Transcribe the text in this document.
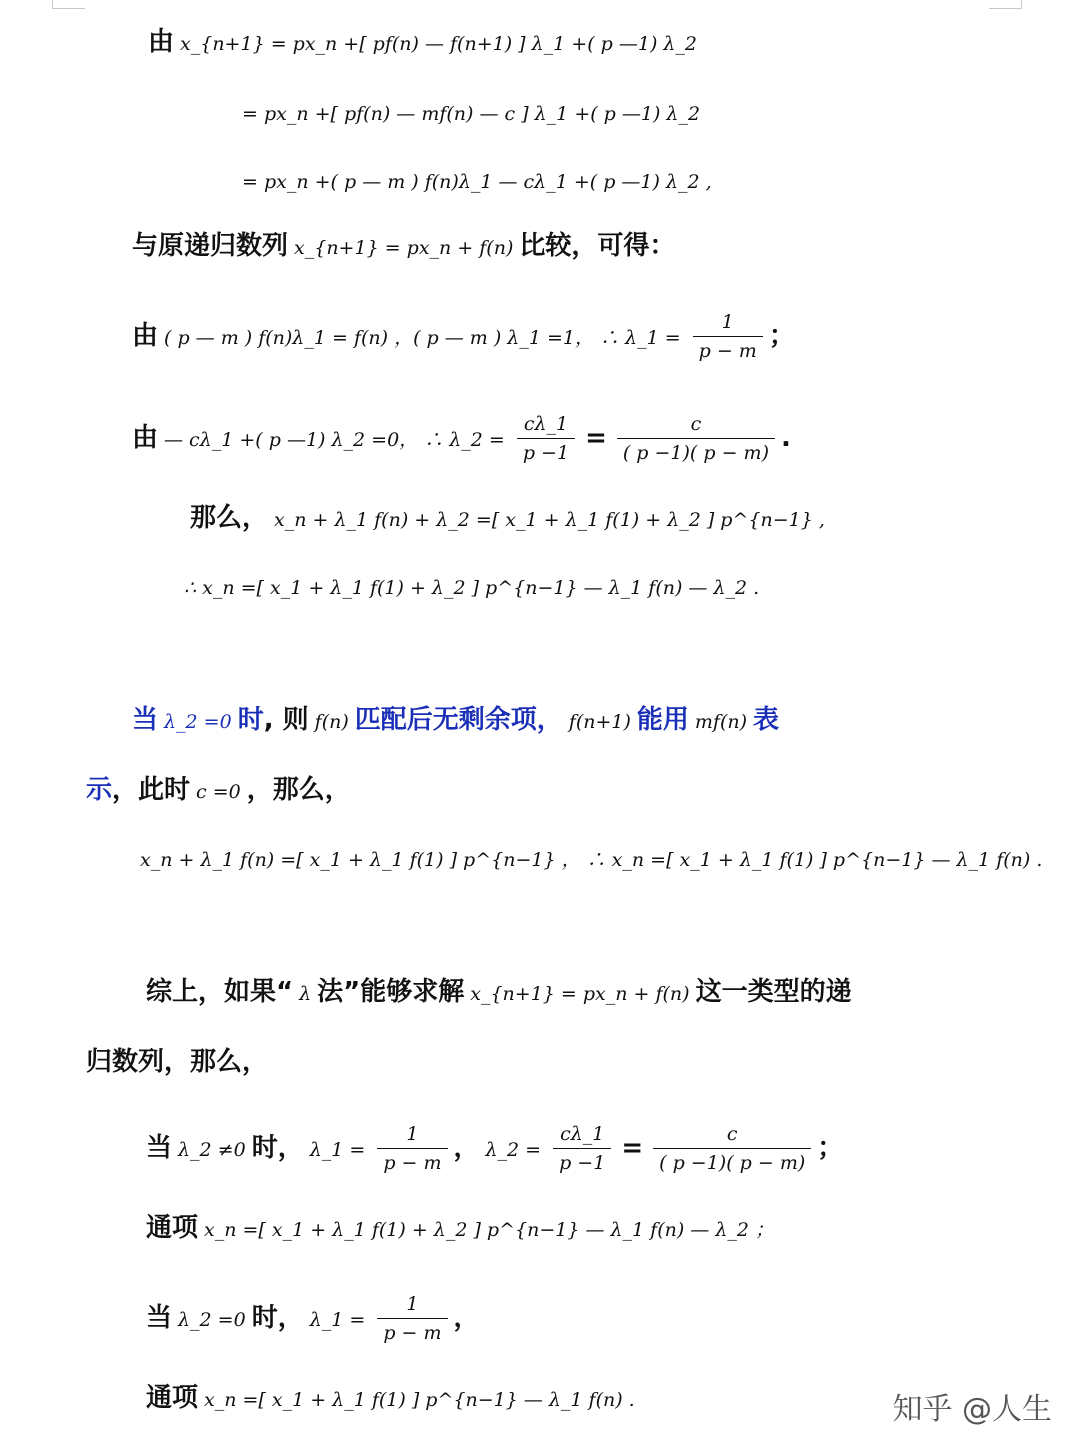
由 x_{n+1} = px_n +[ pf(n) — f(n+1) ] λ_1 +( p —1) λ_2
= px_n +[ pf(n) — mf(n) — c ] λ_1 +( p —1) λ_2
= px_n +( p — m ) f(n)λ_1 — cλ_1 +( p —1) λ_2 ,
与原递归数列 x_{n+1} = px_n + f(n) 比较，可得：
由 ( p — m ) f(n)λ_1 = f(n) ，( p — m ) λ_1 =1， ∴ λ_1 = $\frac{1}{p - m}$ ；
由 — cλ_1 +( p —1) λ_2 =0， ∴ λ_2 = $\frac{c\lambda\_1}{p -1} = \frac{c}{( p -1)( p - m)}$ .
那么， x_n + λ_1 f(n) + λ_2 =[ x_1 + λ_1 f(1) + λ_2 ] p^{n−1} ,
∴ x_n =[ x_1 + λ_1 f(1) + λ_2 ] p^{n−1} — λ_1 f(n) — λ_2 .
当 λ_2 =0 时, 则 f(n) 匹配后无剩余项， f(n+1) 能用 mf(n) 表
示，此时 c =0 ，那么，
x_n + λ_1 f(n) =[ x_1 + λ_1 f(1) ] p^{n−1} ， ∴ x_n =[ x_1 + λ_1 f(1) ] p^{n−1} — λ_1 f(n) .
综上，如果“ λ 法”能够求解 x_{n+1} = px_n + f(n) 这一类型的递
归数列，那么，
当 λ_2 ≠0 时， λ_1 = $\frac{1}{p - m}$ ， λ_2 = $\frac{c\lambda\_1}{p -1} = \frac{c}{( p -1)( p - m)}$ ；
通项 x_n =[ x_1 + λ_1 f(1) + λ_2 ] p^{n−1} — λ_1 f(n) — λ_2 ；
当 λ_2 =0 时， λ_1 = $\frac{1}{p - m}$ ，
通项 x_n =[ x_1 + λ_1 f(1) ] p^{n−1} — λ_1 f(n) .	知乎 @人生
